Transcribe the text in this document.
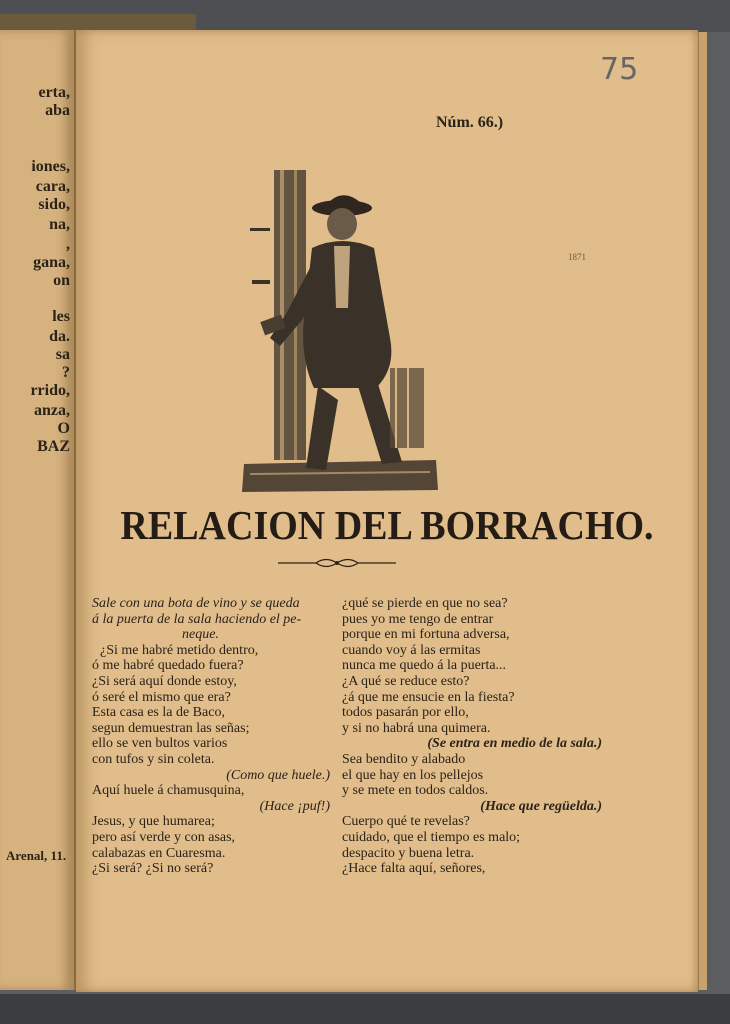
erta,
aba
iones,
cara,
sido,
na,
,
gana,
on
les
da.
sa
?
rrido,
anza,
O
BAZ
Arenal, 11.
75
Núm. 66.)
1871
RELACION DEL BORRACHO.
Sale con una bota de vino y se queda
á la puerta de la sala haciendo el pe-
neque.
¿Si me habré metido dentro,
ó me habré quedado fuera?
¿Si será aquí donde estoy,
ó seré el mismo que era?
Esta casa es la de Baco,
segun demuestran las señas;
ello se ven bultos varios
con tufos y sin coleta.
(Como que huele.)
Aquí huele á chamusquina,
(Hace ¡puf!)
Jesus, y que humarea;
pero así verde y con asas,
calabazas en Cuaresma.
¿Si será? ¿Si no será?
¿qué se pierde en que no sea?
pues yo me tengo de entrar
porque en mi fortuna adversa,
cuando voy á las ermitas
nunca me quedo á la puerta...
¿A qué se reduce esto?
¿á que me ensucie en la fiesta?
todos pasarán por ello,
y si no habrá una quimera.
(Se entra en medio de la sala.)
Sea bendito y alabado
el que hay en los pellejos
y se mete en todos caldos.
(Hace que regüelda.)
Cuerpo qué te revelas?
cuidado, que el tiempo es malo;
despacito y buena letra.
¿Hace falta aquí, señores,
